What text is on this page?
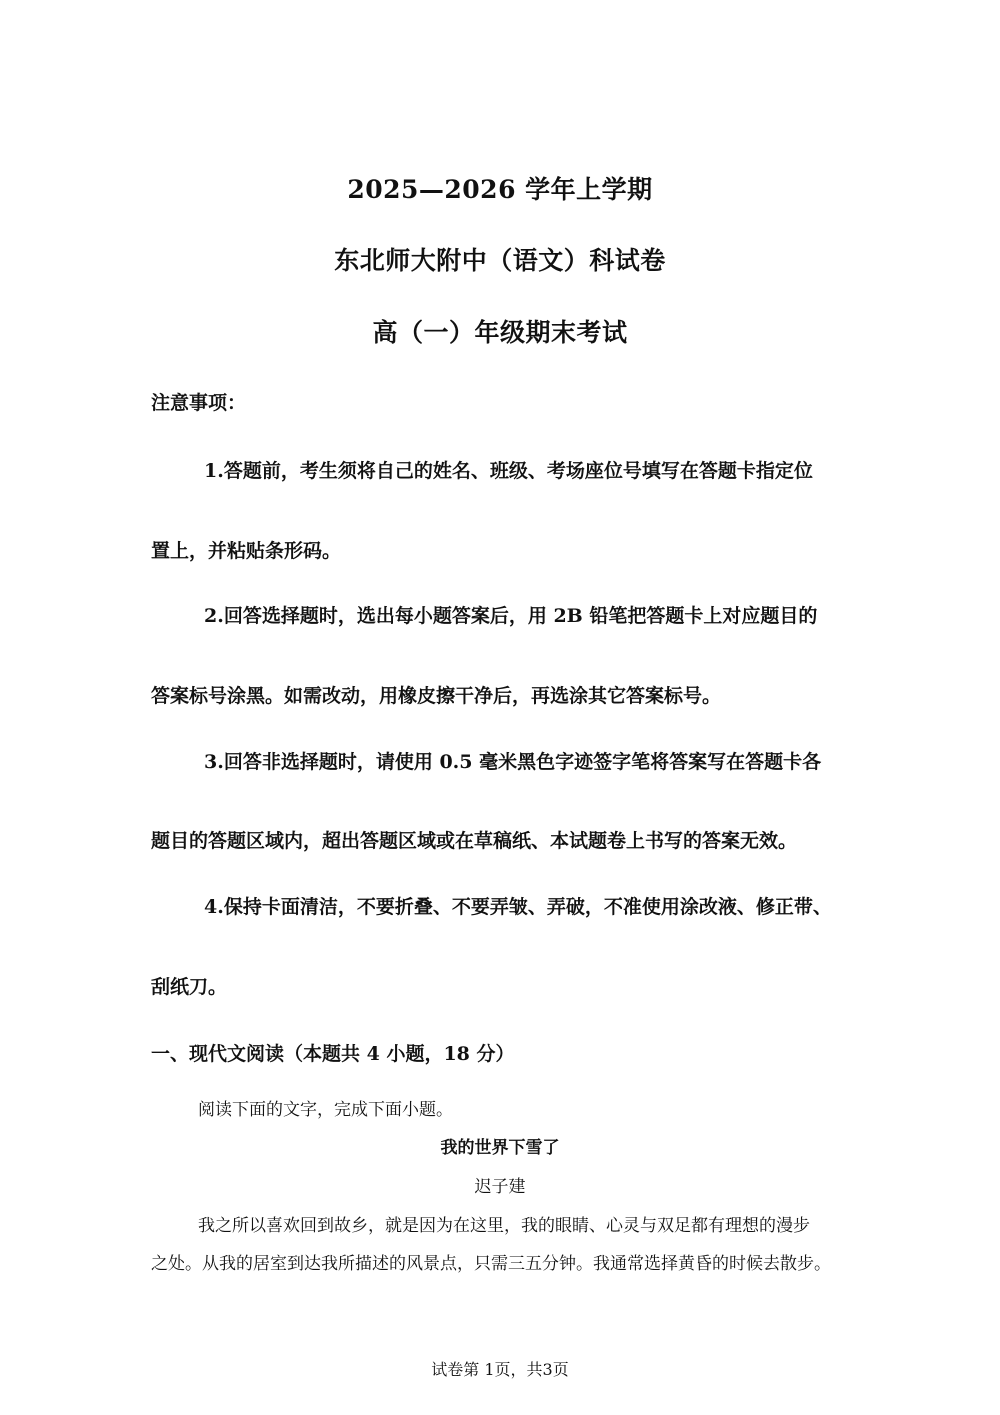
2025—2026 学年上学期
东北师大附中（语文）科试卷
高（一）年级期末考试
注意事项：
1.答题前，考生须将自己的姓名、班级、考场座位号填写在答题卡指定位
置上，并粘贴条形码。
2.回答选择题时，选出每小题答案后，用 2B 铅笔把答题卡上对应题目的
答案标号涂黑。如需改动，用橡皮擦干净后，再选涂其它答案标号。
3.回答非选择题时，请使用 0.5 毫米黑色字迹签字笔将答案写在答题卡各
题目的答题区域内，超出答题区域或在草稿纸、本试题卷上书写的答案无效。
4.保持卡面清洁，不要折叠、不要弄皱、弄破，不准使用涂改液、修正带、
刮纸刀。
一、现代文阅读（本题共 4 小题，18 分）
阅读下面的文字，完成下面小题。
我的世界下雪了
迟子建
我之所以喜欢回到故乡，就是因为在这里，我的眼睛、心灵与双足都有理想的漫步
之处。从我的居室到达我所描述的风景点，只需三五分钟。我通常选择黄昏的时候去散步。
试卷第 1页，共3页
